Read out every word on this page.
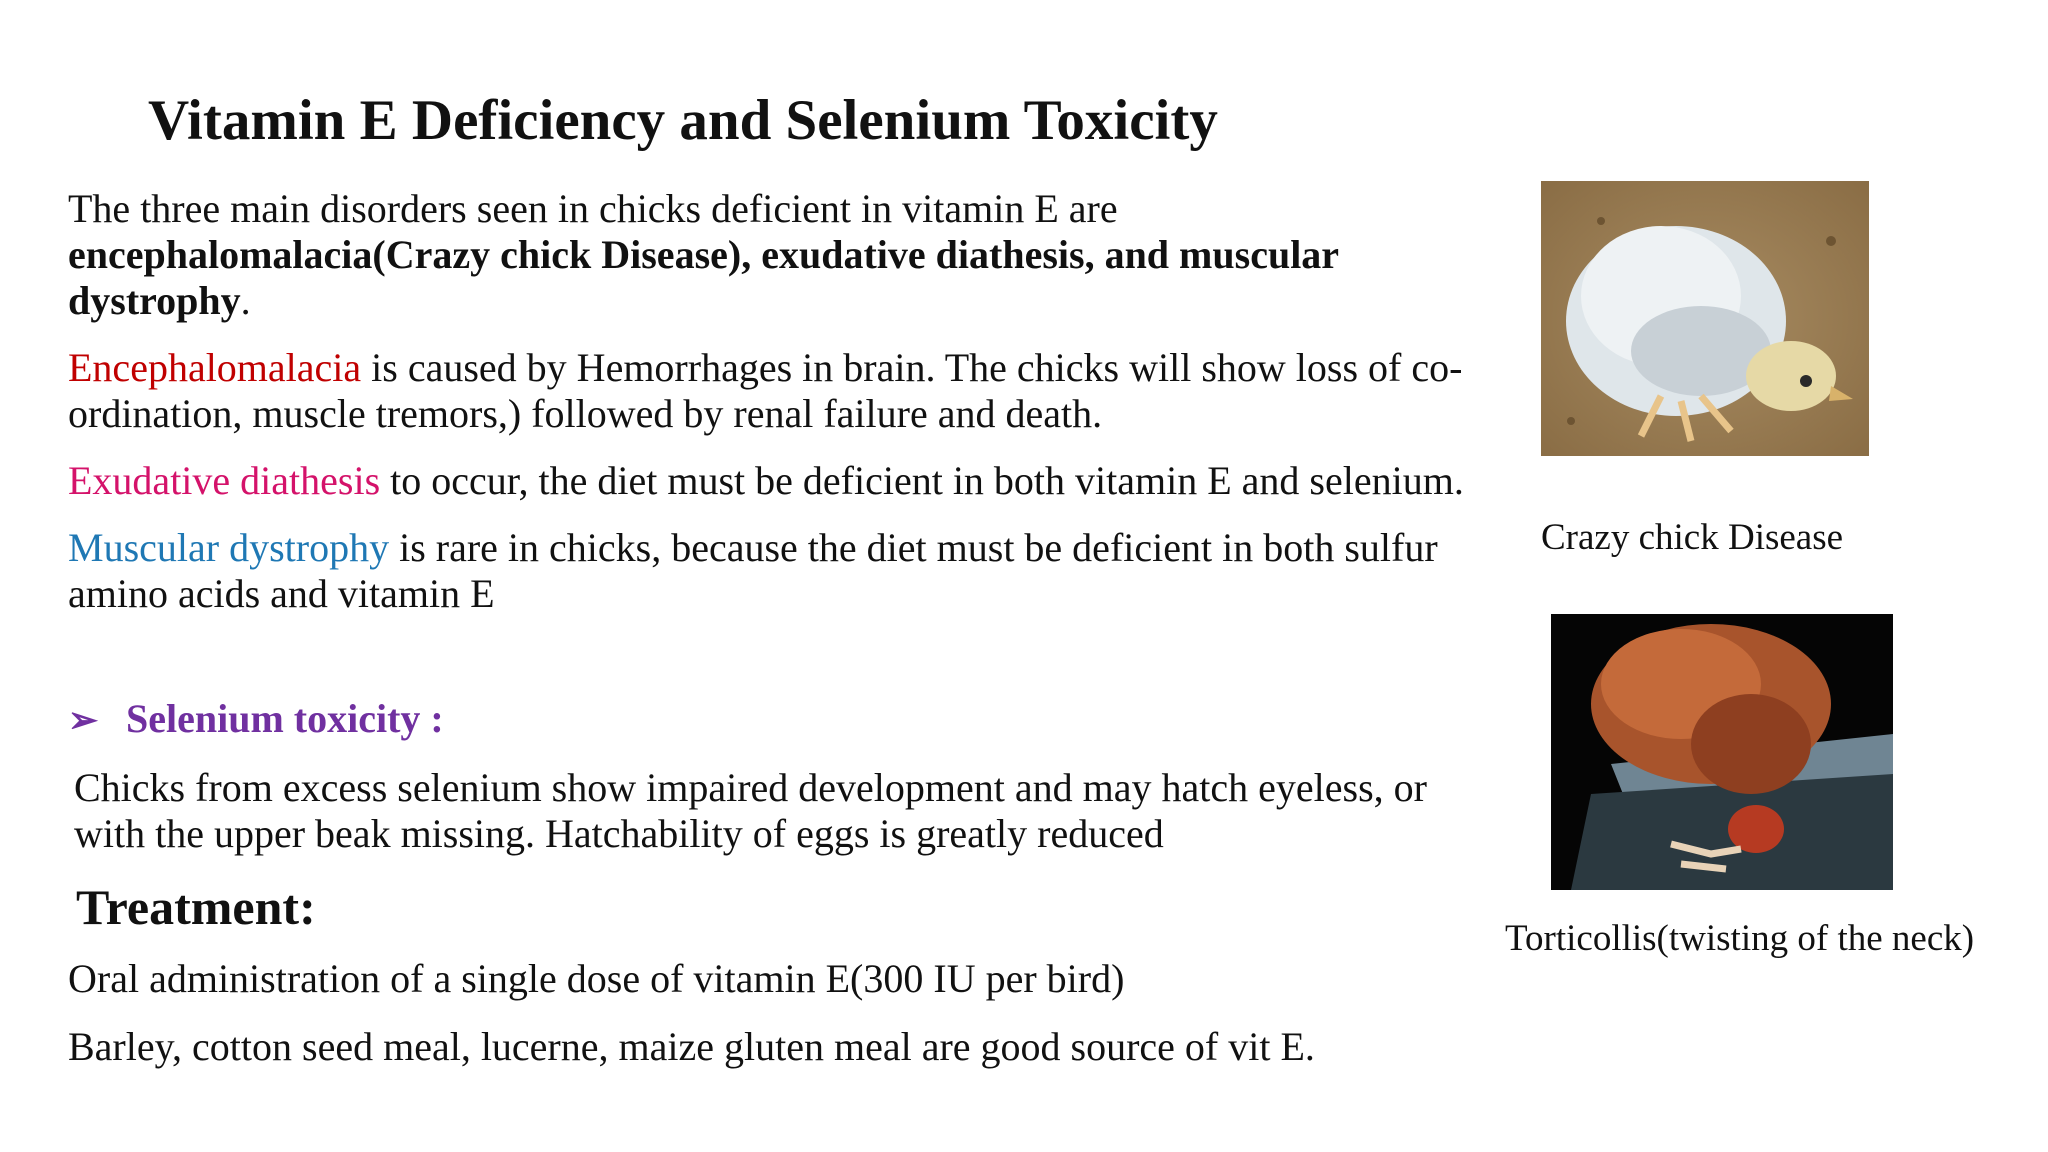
Vitamin E Deficiency and Selenium Toxicity

The three main disorders seen in chicks deficient in vitamin E are encephalomalacia(Crazy chick Disease), exudative diathesis, and muscular dystrophy.

Encephalomalacia is caused by Hemorrhages in brain. The chicks will show loss of co-ordination, muscle tremors,) followed by renal failure and death.

Exudative diathesis to occur, the diet must be deficient in both vitamin E and selenium.

Muscular dystrophy is rare in chicks, because the diet must be deficient in both sulfur amino acids and vitamin E

➢ Selenium toxicity :

Chicks from excess selenium show impaired development and may hatch eyeless, or with the upper beak missing. Hatchability of eggs is greatly reduced

Treatment:

Oral administration of a single dose of vitamin E(300 IU per bird)

Barley, cotton seed meal, lucerne, maize gluten meal are good source of vit E.

Crazy chick Disease

Torticollis(twisting of the neck)
